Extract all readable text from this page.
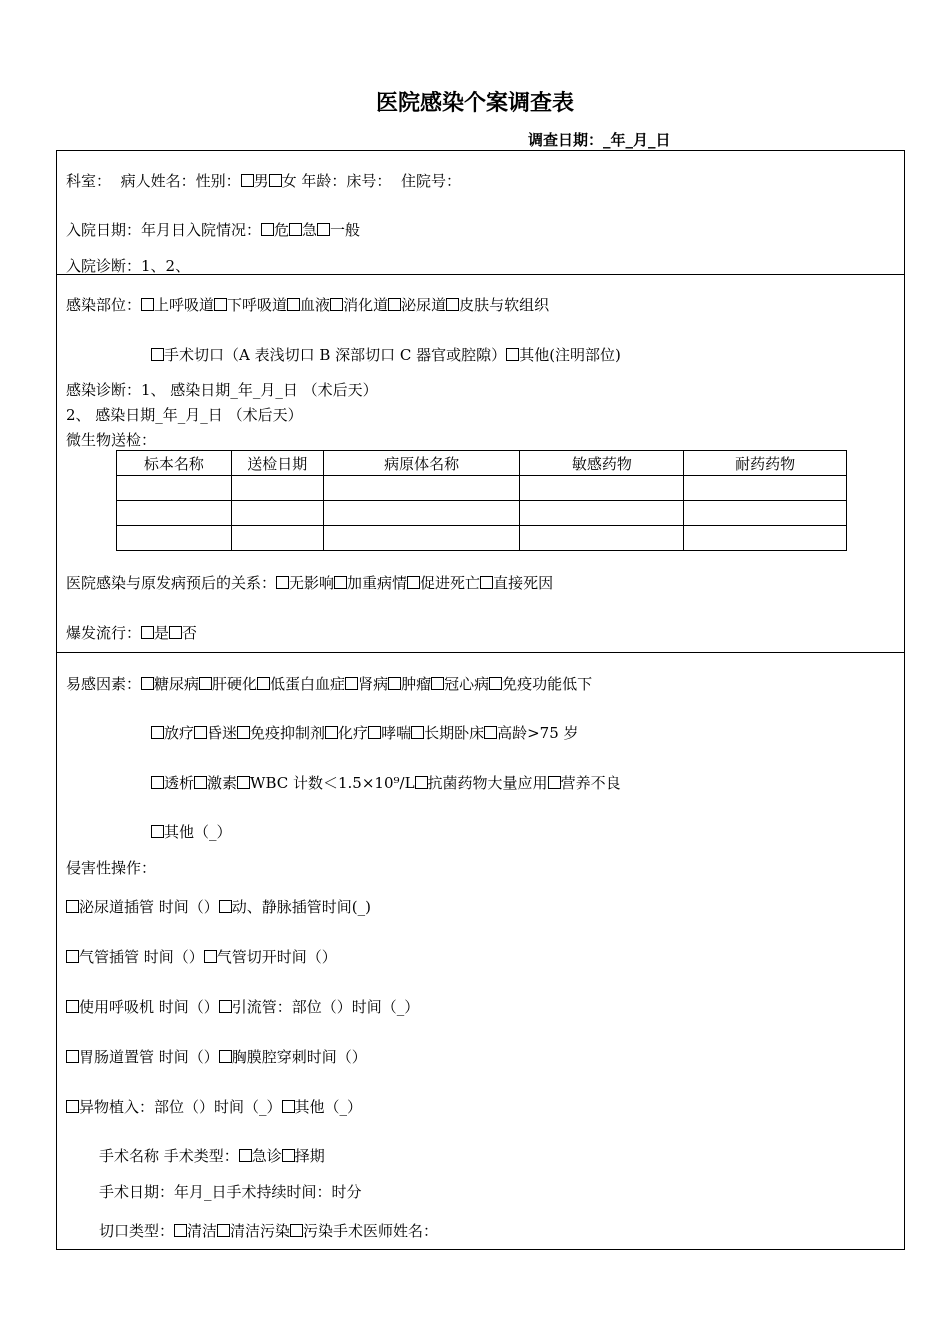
医院感染个案调查表
调查日期：_年_月_日
科室： 病人姓名：性别： 男 女 年龄：床号： 住院号：
入院日期：年月日入院情况： 危 急 一般
入院诊断：1、2、
感染部位： 上呼吸道 下呼吸道 血液 消化道 泌尿道 皮肤与软组织
手术切口（A 表浅切口 B 深部切口 C 器官或腔隙） 其他(注明部位)
感染诊断：1、 感染日期_年_月_日 （术后天）
2、 感染日期_年_月_日 （术后天）
微生物送检：
标本名称	送检日期	病原体名称	敏感药物	耐药药物

医院感染与原发病预后的关系： 无影响 加重病情 促进死亡 直接死因
爆发流行： 是 否
易感因素： 糖尿病 肝硬化 低蛋白血症 肾病 肿瘤 冠心病 免疫功能低下
放疗 昏迷 免疫抑制剂 化疗 哮喘 长期卧床 高龄>75 岁
透析 激素 WBC 计数＜1.5×10⁹/L 抗菌药物大量应用 营养不良
其他（_）
侵害性操作：
泌尿道插管 时间（） 动、静脉插管时间(_)
气管插管 时间（） 气管切开时间（）
使用呼吸机 时间（） 引流管：部位（）时间（_）
胃肠道置管 时间（） 胸膜腔穿刺时间（）
异物植入：部位（）时间（_） 其他（_）
手术名称 手术类型： 急诊 择期
手术日期：年月_日手术持续时间：时分
切口类型： 清洁 清洁污染 污染手术医师姓名：
